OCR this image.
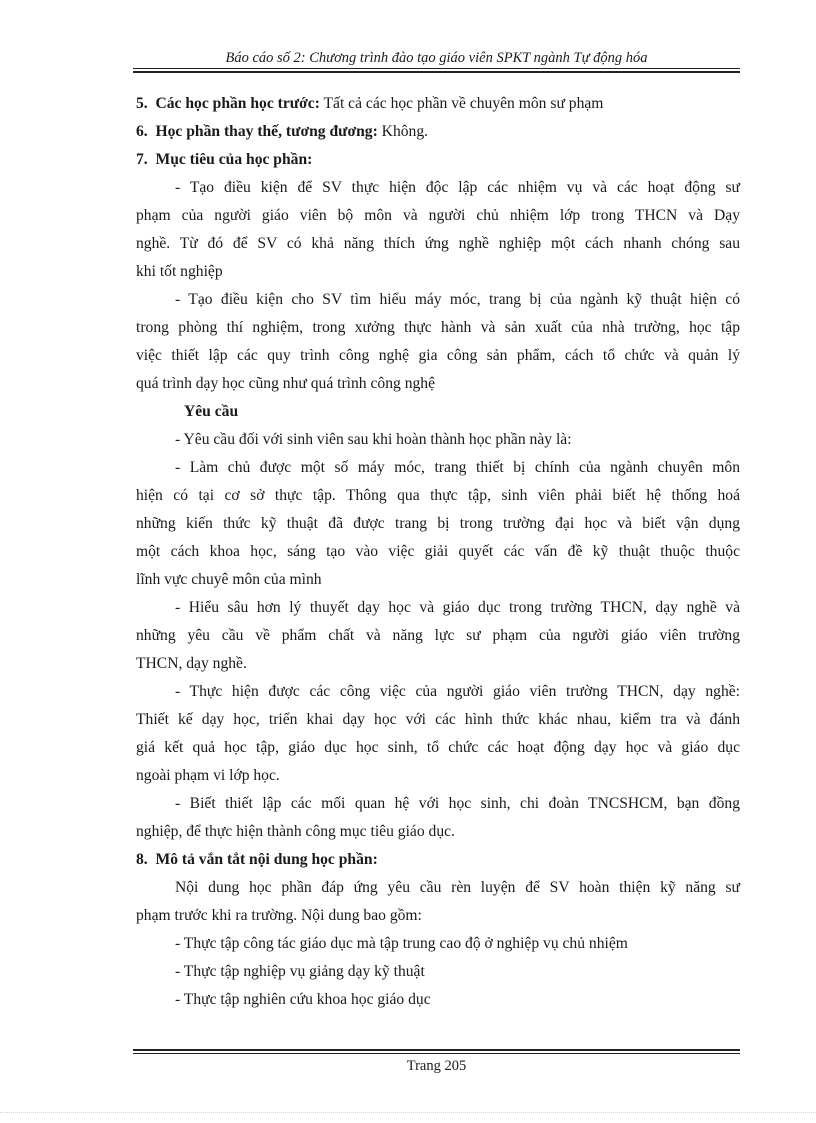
Báo cáo số 2: Chương trình đào tạo giáo viên SPKT ngành Tự động hóa
5. Các học phần học trước: Tất cả các học phần về chuyên môn sư phạm
6. Học phần thay thế, tương đương: Không.
7. Mục tiêu của học phần:
- Tạo điều kiện để SV thực hiện độc lập các nhiệm vụ và các hoạt động sư
phạm của người giáo viên bộ môn và người chủ nhiệm lớp trong THCN và Dạy
nghề. Từ đó để SV có khả năng thích ứng nghề nghiệp một cách nhanh chóng sau
khi tốt nghiệp
- Tạo điều kiện cho SV tìm hiểu máy móc, trang bị của ngành kỹ thuật hiện có
trong phòng thí nghiệm, trong xưởng thực hành và sản xuất của nhà trường, học tập
việc thiết lập các quy trình công nghệ gia công sản phẩm, cách tổ chức và quản lý
quá trình dạy học cũng như quá trình công nghệ
Yêu cầu
- Yêu cầu đối với sinh viên sau khi hoàn thành học phần này là:
- Làm chủ được một số máy móc, trang thiết bị chính của ngành chuyên môn
hiện có tại cơ sở thực tập. Thông qua thực tập, sinh viên phải biết hệ thống hoá
những kiến thức kỹ thuật đã được trang bị trong trường đại học và biết vận dụng
một cách khoa học, sáng tạo vào việc giải quyết các vấn đề kỹ thuật thuộc thuộc
lĩnh vực chuyê môn của mình
- Hiểu sâu hơn lý thuyết dạy học và giáo dục trong trường THCN, dạy nghề và
những yêu cầu về phẩm chất và năng lực sư phạm của người giáo viên trường
THCN, dạy nghề.
- Thực hiện được các công việc của người giáo viên trường THCN, dạy nghề:
Thiết kế dạy học, triển khai dạy học với các hình thức khác nhau, kiểm tra và đánh
giá kết quả học tập, giáo dục học sinh, tổ chức các hoạt động dạy học và giáo dục
ngoài phạm vi lớp học.
- Biết thiết lập các mối quan hệ với học sinh, chi đoàn TNCSHCM, bạn đồng
nghiệp, để thực hiện thành công mục tiêu giáo dục.
8. Mô tả vắn tắt nội dung học phần:
Nội dung học phần đáp ứng yêu cầu rèn luyện để SV hoàn thiện kỹ năng sư
phạm trước khi ra trường. Nội dung bao gồm:
- Thực tập công tác giáo dục mà tập trung cao độ ở nghiệp vụ chủ nhiệm
- Thực tập nghiệp vụ giảng dạy kỹ thuật
- Thực tập nghiên cứu khoa học giáo dục
Trang 205
